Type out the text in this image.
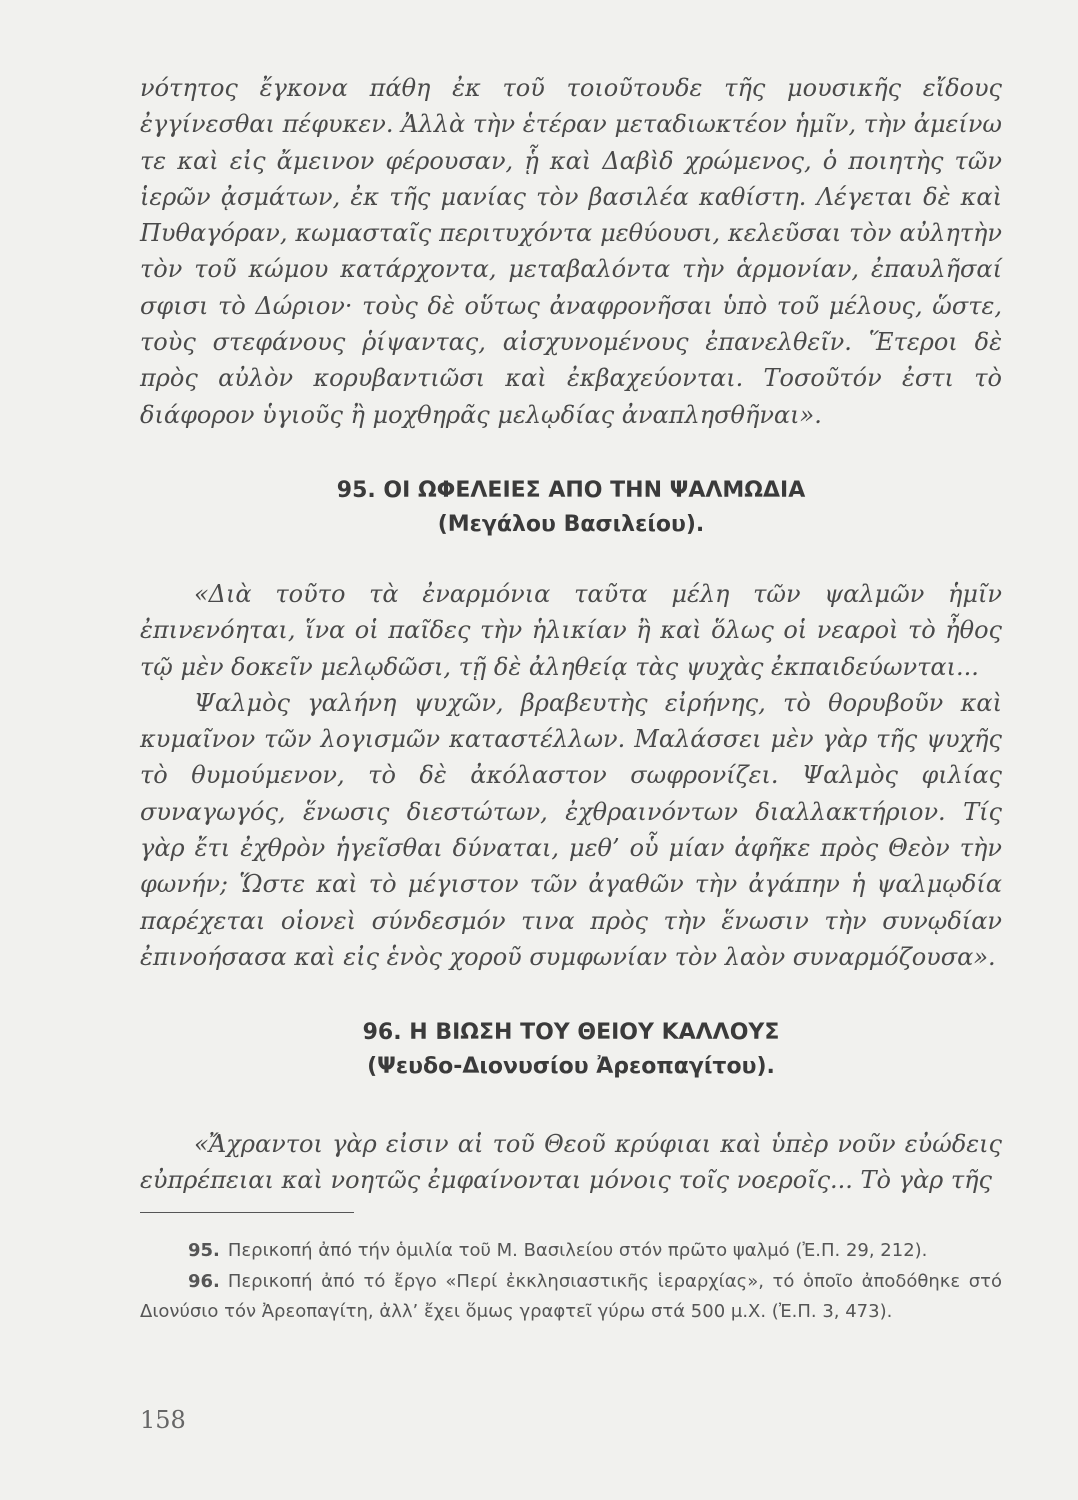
νότητος ἔγκονα πάθη ἐκ τοῦ τοιοῦτουδε τῆς μουσικῆς εἴδους ἐγγίνεσθαι πέφυκεν. Ἀλλὰ τὴν ἑτέραν μεταδιωκτέον ἡμῖν, τὴν ἀμείνω τε καὶ εἰς ἄμεινον φέρουσαν, ᾗ καὶ Δαβὶδ χρώμενος, ὁ ποιητὴς τῶν ἱερῶν ᾀσμάτων, ἐκ τῆς μανίας τὸν βασιλέα καθίστη. Λέγεται δὲ καὶ Πυθαγόραν, κωμασταῖς περιτυχόντα μεθύουσι, κελεῦσαι τὸν αὐλητὴν τὸν τοῦ κώμου κατάρχοντα, μεταβαλόντα τὴν ἁρμονίαν, ἐπαυλῆσαί σφισι τὸ Δώριον· τοὺς δὲ οὕτως ἀναφρονῆσαι ὑπὸ τοῦ μέλους, ὥστε, τοὺς στεφάνους ῥίψαντας, αἰσχυνομένους ἐπανελθεῖν. Ἕτεροι δὲ πρὸς αὐλὸν κορυβαντιῶσι καὶ ἐκβαχεύονται. Τοσοῦτόν ἐστι τὸ διάφορον ὑγιοῦς ἢ μοχθηρᾶς μελῳδίας ἀναπλησθῆναι».

95. ΟΙ ΩΦΕΛΕΙΕΣ ΑΠΟ ΤΗΝ ΨΑΛΜΩΔΙΑ
(Μεγάλου Βασιλείου).

«Διὰ τοῦτο τὰ ἐναρμόνια ταῦτα μέλη τῶν ψαλμῶν ἡμῖν ἐπινενόηται, ἵνα οἱ παῖδες τὴν ἡλικίαν ἢ καὶ ὅλως οἱ νεαροὶ τὸ ἦθος τῷ μὲν δοκεῖν μελῳδῶσι, τῇ δὲ ἀληθείᾳ τὰς ψυχὰς ἐκπαιδεύωνται...

Ψαλμὸς γαλήνη ψυχῶν, βραβευτὴς εἰρήνης, τὸ θορυβοῦν καὶ κυμαῖνον τῶν λογισμῶν καταστέλλων. Μαλάσσει μὲν γὰρ τῆς ψυχῆς τὸ θυμούμενον, τὸ δὲ ἀκόλαστον σωφρονίζει. Ψαλμὸς φιλίας συναγωγός, ἕνωσις διεστώτων, ἐχθραινόντων διαλλακτήριον. Τίς γὰρ ἔτι ἐχθρὸν ἡγεῖσθαι δύναται, μεθ’ οὗ μίαν ἀφῆκε πρὸς Θεὸν τὴν φωνήν; Ὥστε καὶ τὸ μέγιστον τῶν ἀγαθῶν τὴν ἀγάπην ἡ ψαλμῳδία παρέχεται οἱονεὶ σύνδεσμόν τινα πρὸς τὴν ἕνωσιν τὴν συνῳδίαν ἐπινοήσασα καὶ εἰς ἑνὸς χοροῦ συμφωνίαν τὸν λαὸν συναρμόζουσα».

96. Η ΒΙΩΣΗ ΤΟΥ ΘΕΙΟΥ ΚΑΛΛΟΥΣ
(Ψευδο-Διονυσίου Ἀρεοπαγίτου).

«Ἄχραντοι γὰρ εἰσιν αἱ τοῦ Θεοῦ κρύφιαι καὶ ὑπὲρ νοῦν εὐώδεις εὐπρέπειαι καὶ νοητῶς ἐμφαίνονται μόνοις τοῖς νοεροῖς... Τὸ γὰρ τῆς

95. Περικοπή ἀπό τήν ὁμιλία τοῦ Μ. Βασιλείου στόν πρῶτο ψαλμό (Ἐ.Π. 29, 212).

96. Περικοπή ἀπό τό ἔργο «Περί ἐκκλησιαστικῆς ἱεραρχίας», τό ὁποῖο ἀποδόθηκε στό Διονύσιο τόν Ἀρεοπαγίτη, ἀλλ’ ἔχει ὅμως γραφτεῖ γύρω στά 500 μ.Χ. (Ἐ.Π. 3, 473).

158
